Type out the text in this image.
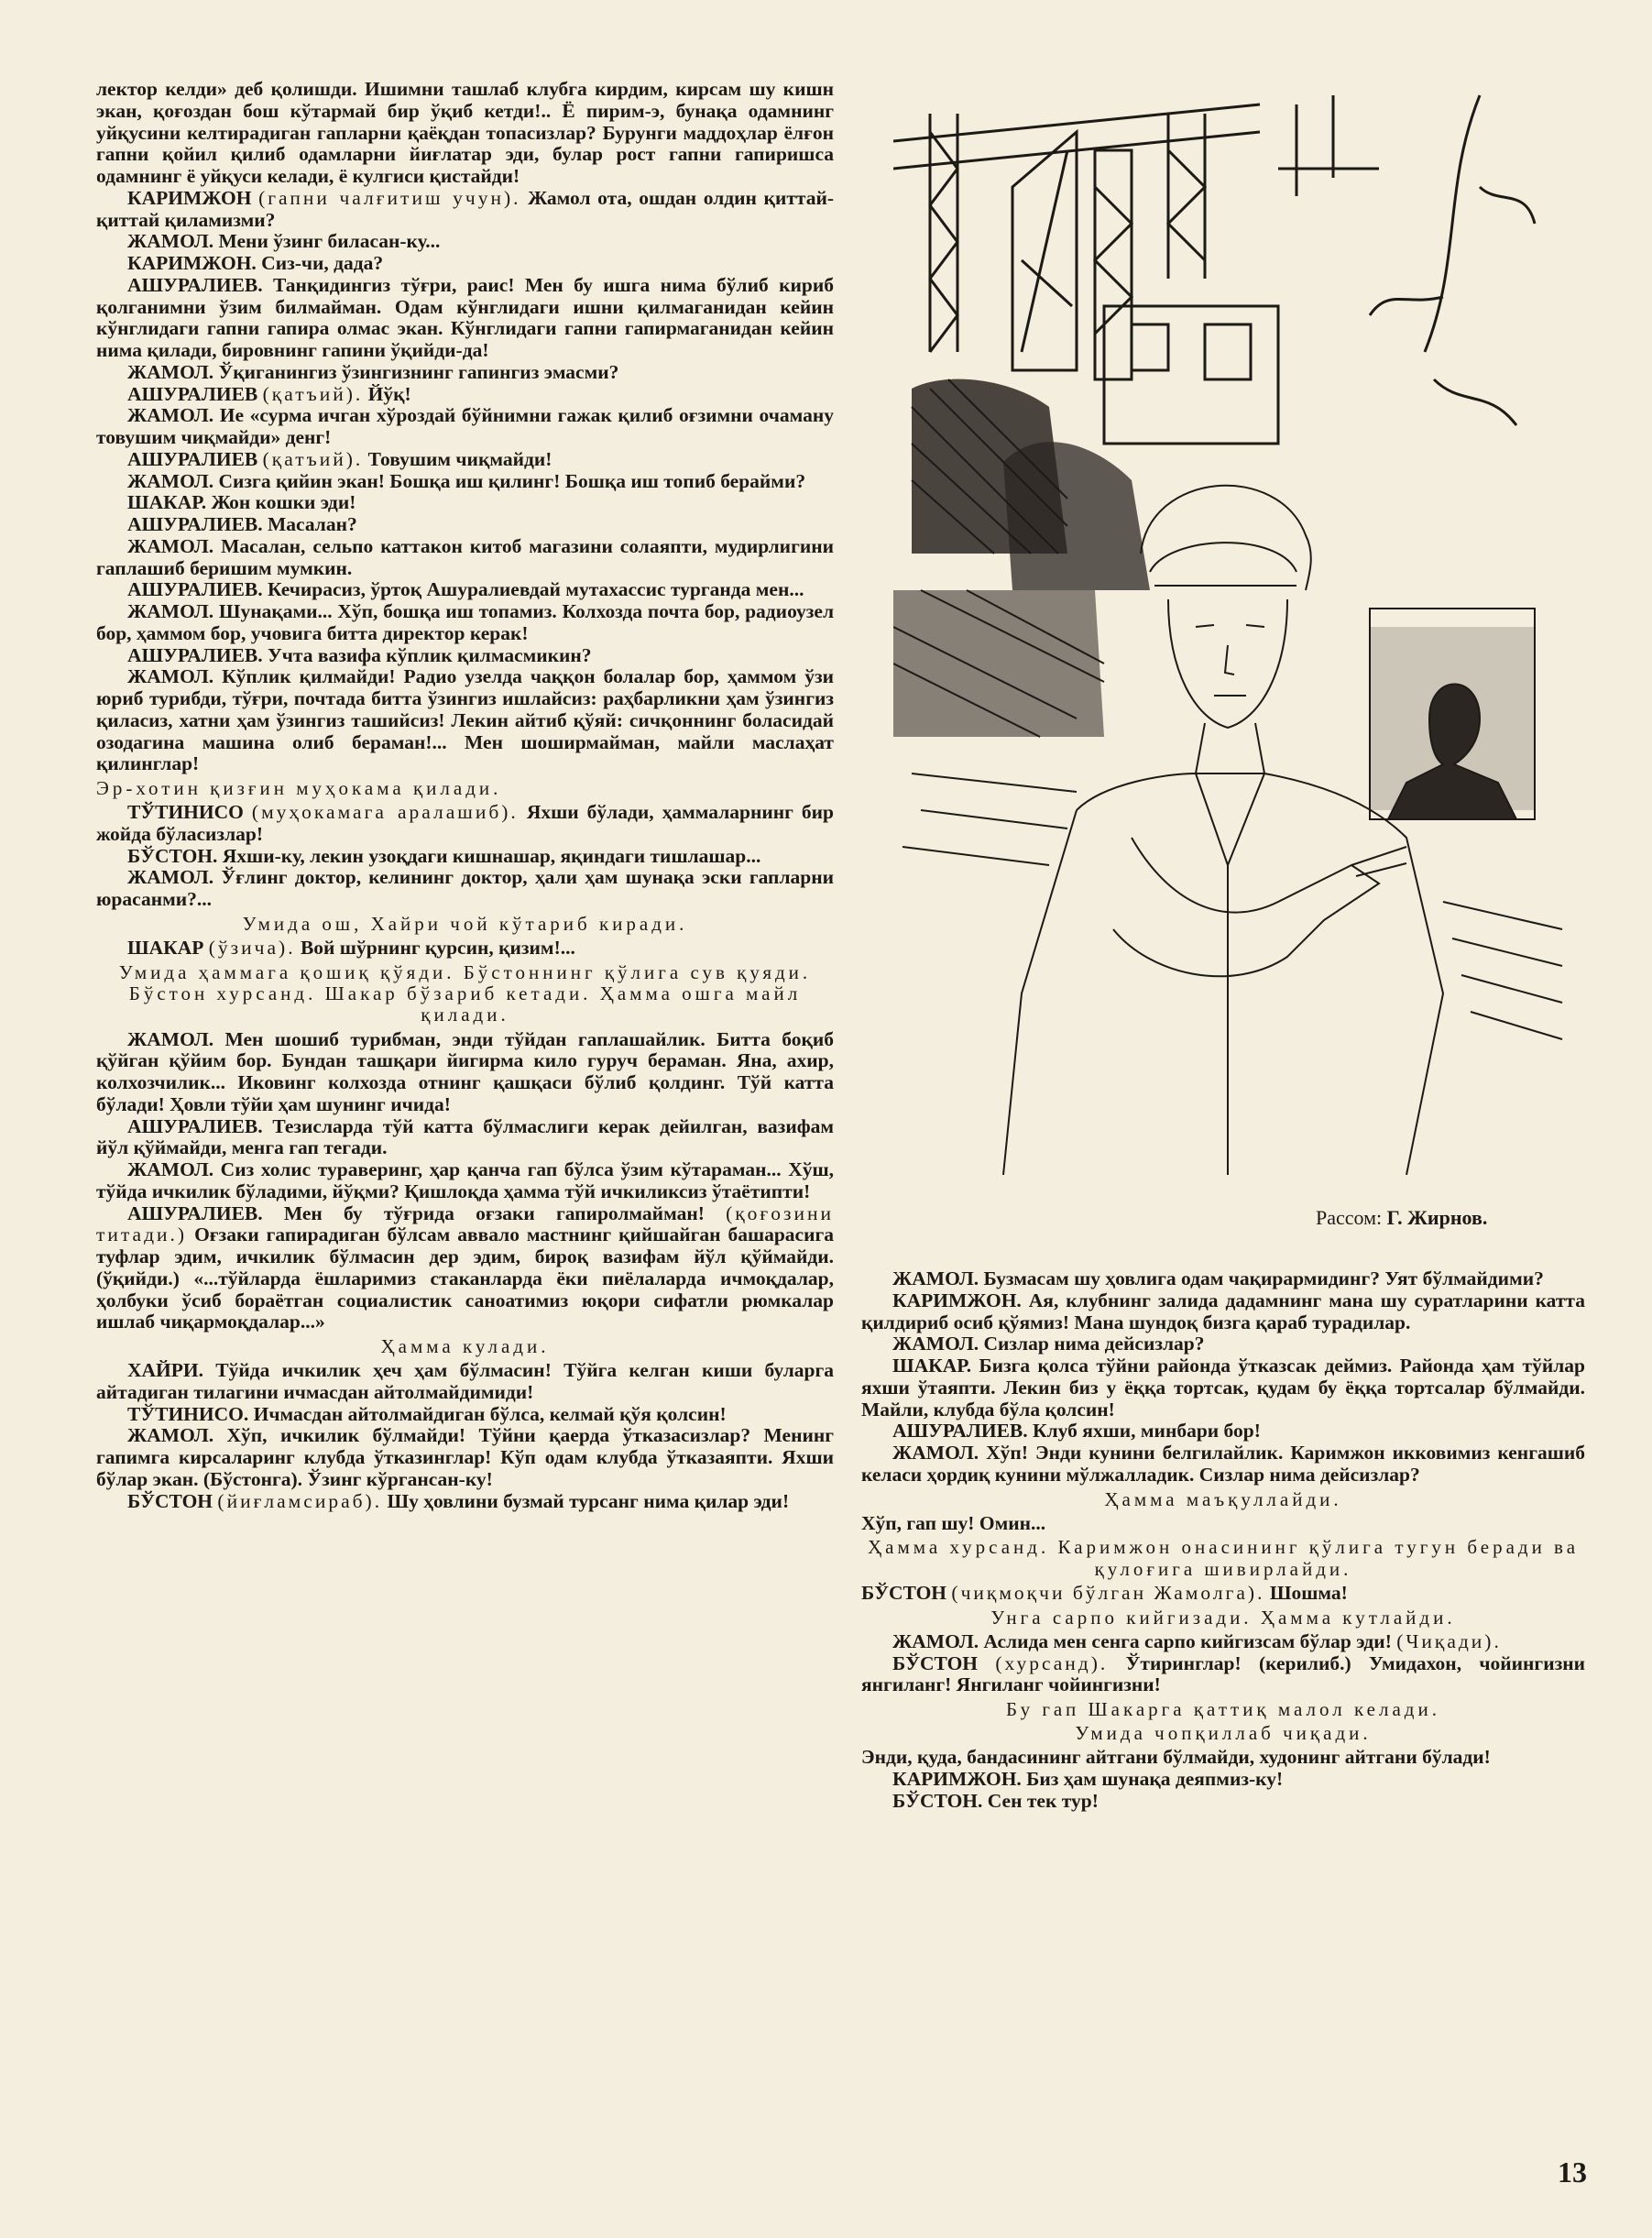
лектор келди» деб қолишди. Ишимни ташлаб клубга кирдим, кирсам шу кишн экан, қоғоздан бош кўтармай бир ўқиб кетди!.. Ё пирим-э, бунақа одамнинг уйқусини келтирадиган гапларни қаёқдан топасизлар? Бурунги маддоҳлар ёлғон гапни қойил қилиб одамларни йиғлатар эди, булар рост гапни гапиришса одамнинг ё уйқуси келади, ё кулгиси қистайди!

КАРИМЖОН (гапни чалғитиш учун). Жамол ота, ошдан олдин қиттай-қиттай қиламизми?

ЖАМОЛ. Мени ўзинг биласан-ку...

КАРИМЖОН. Сиз-чи, дада?

АШУРАЛИЕВ. Танқидингиз тўғри, раис! Мен бу ишга нима бўлиб кириб қолганимни ўзим билмайман. Одам кўнглидаги ишни қилмаганидан кейин кўнглидаги гапни гапира олмас экан. Кўнглидаги гапни гапирмаганидан кейин нима қилади, бировнинг гапини ўқийди-да!

ЖАМОЛ. Ўқиганингиз ўзингизнинг гапингиз эмасми?

АШУРАЛИЕВ (қатъий). Йўқ!

ЖАМОЛ. Ие «сурма ичган хўроздай бўйнимни гажак қилиб оғзимни очаману товушим чиқмайди» денг!

АШУРАЛИЕВ (қатъий). Товушим чиқмайди!

ЖАМОЛ. Сизга қийин экан! Бошқа иш қилинг! Бошқа иш топиб берайми?

ШАКАР. Жон кошки эди!

АШУРАЛИЕВ. Масалан?

ЖАМОЛ. Масалан, сельпо каттакон китоб магазини солаяпти, мудирлигини гаплашиб беришим мумкин.

АШУРАЛИЕВ. Кечирасиз, ўртоқ Ашуралиевдай мутахассис турганда мен...

ЖАМОЛ. Шунақами... Хўп, бошқа иш топамиз. Колхозда почта бор, радиоузел бор, ҳаммом бор, учовига битта директор керак!

АШУРАЛИЕВ. Учта вазифа кўплик қилмасмикин?

ЖАМОЛ. Кўплик қилмайди! Радио узелда чаққон болалар бор, ҳаммом ўзи юриб турибди, тўғри, почтада битта ўзингиз ишлайсиз: раҳбарликни ҳам ўзингиз қиласиз, хатни ҳам ўзингиз ташийсиз! Лекин айтиб қўяй: сичқоннинг боласидай озодагина машина олиб бераман!... Мен шоширмайман, майли маслаҳат қилинглар!

Эр-хотин қизғин муҳокама қилади.

ТЎТИНИСО (муҳокамага аралашиб). Яхши бўлади, ҳаммаларнинг бир жойда бўласизлар!

БЎСТОН. Яхши-ку, лекин узоқдаги кишнашар, яқиндаги тишлашар...

ЖАМОЛ. Ўғлинг доктор, келининг доктор, ҳали ҳам шунақа эски гапларни юрасанми?...

Умида ош, Хайри чой кўтариб киради.

ШАКАР (ўзича). Вой шўрнинг қурсин, қизим!...

Умида ҳаммага қошиқ қўяди. Бўстоннинг қўлига сув қуяди. Бўстон хурсанд. Шакар бўзариб кетади. Ҳамма ошга майл қилади.

ЖАМОЛ. Мен шошиб турибман, энди тўйдан гаплашайлик. Битта боқиб қўйган қўйим бор. Бундан ташқари йигирма кило гуруч бераман. Яна, ахир, колхозчилик... Иковинг колхозда отнинг қашқаси бўлиб қолдинг. Тўй катта бўлади! Ҳовли тўйи ҳам шунинг ичида!

АШУРАЛИЕВ. Тезисларда тўй катта бўлмаслиги керак дейилган, вазифам йўл қўймайди, менга гап тегади.

ЖАМОЛ. Сиз холис тураверинг, ҳар қанча гап бўлса ўзим кўтараман... Хўш, тўйда ичкилик бўладими, йўқми? Қишлоқда ҳамма тўй ичкиликсиз ўтаётипти!

АШУРАЛИЕВ. Мен бу тўғрида оғзаки гапиролмайман! (қоғозини титади.) Оғзаки гапирадиган бўлсам аввало мастнинг қийшайган башарасига туфлар эдим, ичкилик бўлмасин дер эдим, бироқ вазифам йўл қўймайди. (ўқийди.) «...тўйларда ёшларимиз стаканларда ёки пиёлаларда ичмоқдалар, ҳолбуки ўсиб бораётган социалистик саноатимиз юқори сифатли рюмкалар ишлаб чиқармоқдалар...»

Ҳамма кулади.

ХАЙРИ. Тўйда ичкилик ҳеч ҳам бўлмасин! Тўйга келган киши буларга айтадиган тилагини ичмасдан айтолмайдимиди!

ТЎТИНИСО. Ичмасдан айтолмайдиган бўлса, келмай қўя қолсин!

ЖАМОЛ. Хўп, ичкилик бўлмайди! Тўйни қаерда ўтказасизлар? Менинг гапимга кирсаларинг клубда ўтказинглар! Кўп одам клубда ўтказаяпти. Яхши бўлар экан. (Бўстонга). Ўзинг кўргансан-ку!

БЎСТОН (йиғламсираб). Шу ҳовлини бузмай турсанг нима қилар эди!

Рассом: Г. Жирнов.

ЖАМОЛ. Бузмасам шу ҳовлига одам чақирармидинг? Уят бўлмайдими?

КАРИМЖОН. Ая, клубнинг залида дадамнинг мана шу суратларини катта қилдириб осиб қўямиз! Мана шундоқ бизга қараб турадилар.

ЖАМОЛ. Сизлар нима дейсизлар?

ШАКАР. Бизга қолса тўйни районда ўтказсак деймиз. Районда ҳам тўйлар яхши ўтаяпти. Лекин биз у ёққа тортсак, қудам бу ёққа тортсалар бўлмайди. Майли, клубда бўла қолсин!

АШУРАЛИЕВ. Клуб яхши, минбари бор!

ЖАМОЛ. Хўп! Энди кунини белгилайлик. Каримжон икковимиз кенгашиб келаси ҳордиқ кунини мўлжалладик. Сизлар нима дейсизлар?

Ҳамма маъқуллайди.

Хўп, гап шу! Омин...

Ҳамма хурсанд. Каримжон онасининг қўлига тугун беради ва қулоғига шивирлайди.

БЎСТОН (чиқмоқчи бўлган Жамолга). Шошма!

Унга сарпо кийгизади. Ҳамма кутлайди.

ЖАМОЛ. Аслида мен сенга сарпо кийгизсам бўлар эди! (Чиқади).

БЎСТОН (хурсанд). Ўтиринглар! (керилиб.) Умидахон, чойингизни янгиланг! Янгиланг чойингизни!

Бу гап Шакарга қаттиқ малол келади.
Умида чопқиллаб чиқади.

Энди, қуда, бандасининг айтгани бўлмайди, худонинг айтгани бўлади!

КАРИМЖОН. Биз ҳам шунақа деяпмиз-ку!

БЎСТОН. Сен тек тур!

13
